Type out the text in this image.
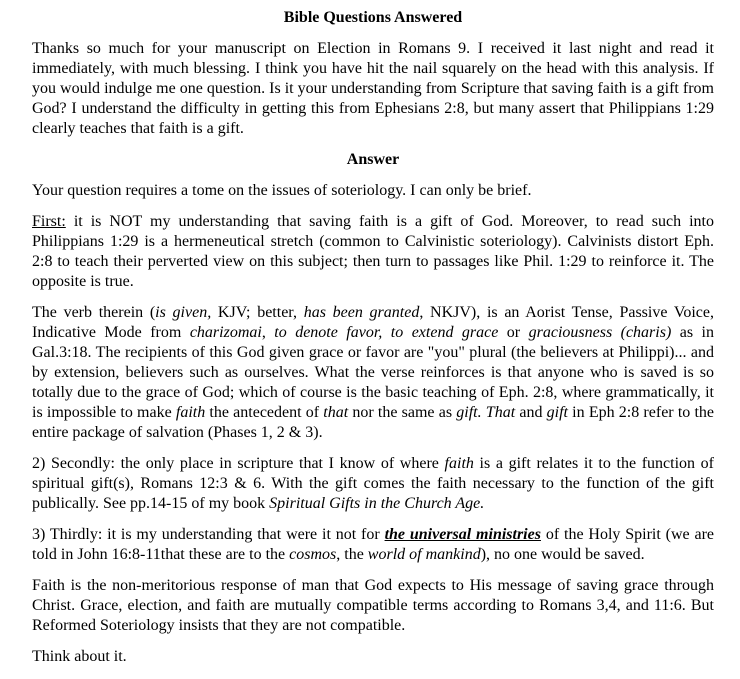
Bible Questions Answered

Thanks so much for your manuscript on Election in Romans 9. I received it last night and read it immediately, with much blessing. I think you have hit the nail squarely on the head with this analysis. If you would indulge me one question. Is it your understanding from Scripture that saving faith is a gift from God? I understand the difficulty in getting this from Ephesians 2:8, but many assert that Philippians 1:29 clearly teaches that faith is a gift.

Answer

Your question requires a tome on the issues of soteriology. I can only be brief.

First: it is NOT my understanding that saving faith is a gift of God. Moreover, to read such into Philippians 1:29 is a hermeneutical stretch (common to Calvinistic soteriology). Calvinists distort Eph. 2:8 to teach their perverted view on this subject; then turn to passages like Phil. 1:29 to reinforce it. The opposite is true.

The verb therein (is given, KJV; better, has been granted, NKJV), is an Aorist Tense, Passive Voice, Indicative Mode from charizomai, to denote favor, to extend grace or graciousness (charis) as in Gal.3:18. The recipients of this God given grace or favor are "you" plural (the believers at Philippi)... and by extension, believers such as ourselves. What the verse reinforces is that anyone who is saved is so totally due to the grace of God; which of course is the basic teaching of Eph. 2:8, where grammatically, it is impossible to make faith the antecedent of that nor the same as gift. That and gift in Eph 2:8 refer to the entire package of salvation (Phases 1, 2 & 3).

2) Secondly: the only place in scripture that I know of where faith is a gift relates it to the function of spiritual gift(s), Romans 12:3 & 6. With the gift comes the faith necessary to the function of the gift publically. See pp.14-15 of my book Spiritual Gifts in the Church Age.

3) Thirdly: it is my understanding that were it not for the universal ministries of the Holy Spirit (we are told in John 16:8-11that these are to the cosmos, the world of mankind), no one would be saved.

Faith is the non-meritorious response of man that God expects to His message of saving grace through Christ. Grace, election, and faith are mutually compatible terms according to Romans 3,4, and 11:6. But Reformed Soteriology insists that they are not compatible.

Think about it.
